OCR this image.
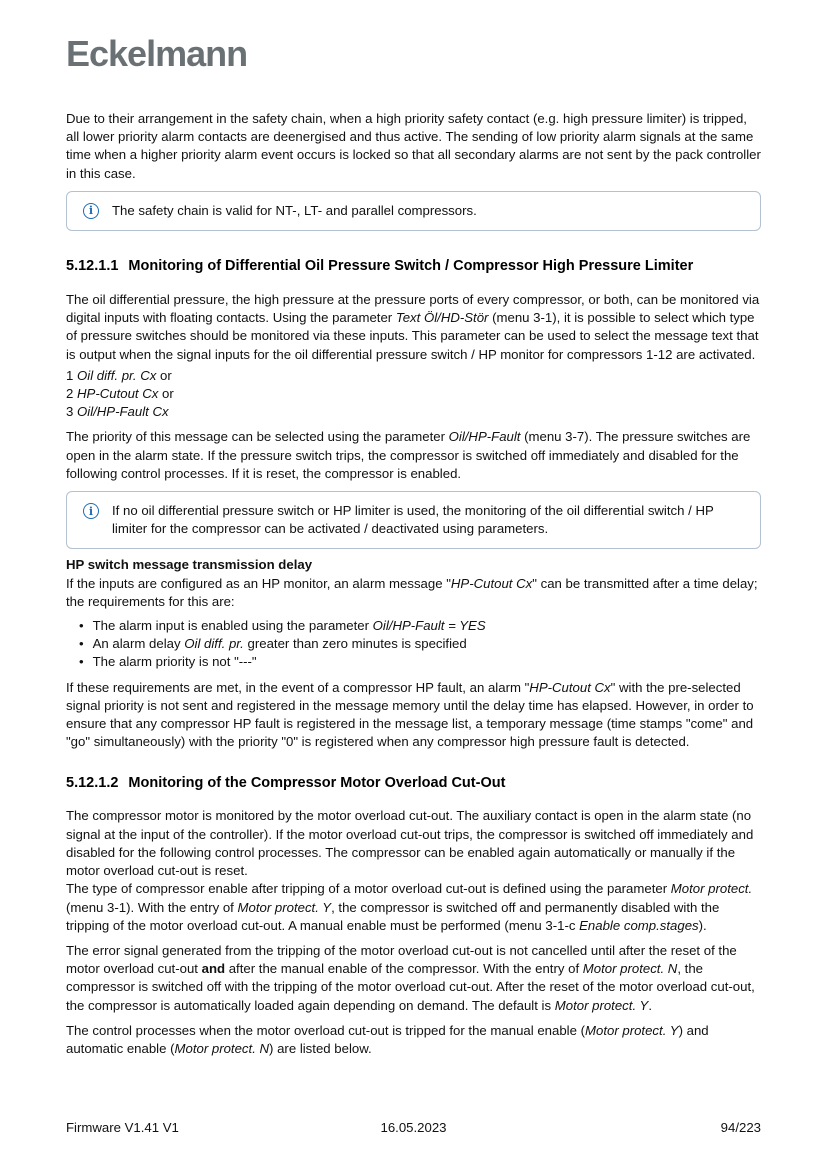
Eckelmann

Due to their arrangement in the safety chain, when a high priority safety contact (e.g. high pressure limiter) is tripped, all lower priority alarm contacts are deenergised and thus active. The sending of low priority alarm signals at the same time when a higher priority alarm event occurs is locked so that all secondary alarms are not sent by the pack controller in this case.

i	The safety chain is valid for NT-, LT- and parallel compressors.

5.12.1.1 Monitoring of Differential Oil Pressure Switch / Compressor High Pressure Limiter

The oil differential pressure, the high pressure at the pressure ports of every compressor, or both, can be monitored via digital inputs with floating contacts. Using the parameter Text Öl/HD-Stör (menu 3-1), it is possible to select which type of pressure switches should be monitored via these inputs. This parameter can be used to select the message text that is output when the signal inputs for the oil differential pressure switch / HP monitor for compressors 1-12 are activated.

1 Oil diff. pr. Cx or
2 HP-Cutout Cx or
3 Oil/HP-Fault Cx

The priority of this message can be selected using the parameter Oil/HP-Fault (menu 3-7). The pressure switches are open in the alarm state. If the pressure switch trips, the compressor is switched off immediately and disabled for the following control processes. If it is reset, the compressor is enabled.

i	If no oil differential pressure switch or HP limiter is used, the monitoring of the oil differential switch / HP limiter for the compressor can be activated / deactivated using parameters.

HP switch message transmission delay

If the inputs are configured as an HP monitor, an alarm message "HP-Cutout Cx" can be transmitted after a time delay; the requirements for this are:

• The alarm input is enabled using the parameter Oil/HP-Fault = YES
• An alarm delay Oil diff. pr. greater than zero minutes is specified
• The alarm priority is not "---"

If these requirements are met, in the event of a compressor HP fault, an alarm "HP-Cutout Cx" with the pre-selected signal priority is not sent and registered in the message memory until the delay time has elapsed. However, in order to ensure that any compressor HP fault is registered in the message list, a temporary message (time stamps "come" and "go" simultaneously) with the priority "0" is registered when any compressor high pressure fault is detected.

5.12.1.2 Monitoring of the Compressor Motor Overload Cut-Out

The compressor motor is monitored by the motor overload cut-out. The auxiliary contact is open in the alarm state (no signal at the input of the controller). If the motor overload cut-out trips, the compressor is switched off immediately and disabled for the following control processes. The compressor can be enabled again automatically or manually if the motor overload cut-out is reset.

The type of compressor enable after tripping of a motor overload cut-out is defined using the parameter Motor protect. (menu 3-1). With the entry of Motor protect. Y, the compressor is switched off and permanently disabled with the tripping of the motor overload cut-out. A manual enable must be performed (menu 3-1-c Enable comp.stages).

The error signal generated from the tripping of the motor overload cut-out is not cancelled until after the reset of the motor overload cut-out and after the manual enable of the compressor. With the entry of Motor protect. N, the compressor is switched off with the tripping of the motor overload cut-out. After the reset of the motor overload cut-out, the compressor is automatically loaded again depending on demand. The default is Motor protect. Y.

The control processes when the motor overload cut-out is tripped for the manual enable (Motor protect. Y) and automatic enable (Motor protect. N) are listed below.

Firmware V1.41 V1	16.05.2023	94/223
